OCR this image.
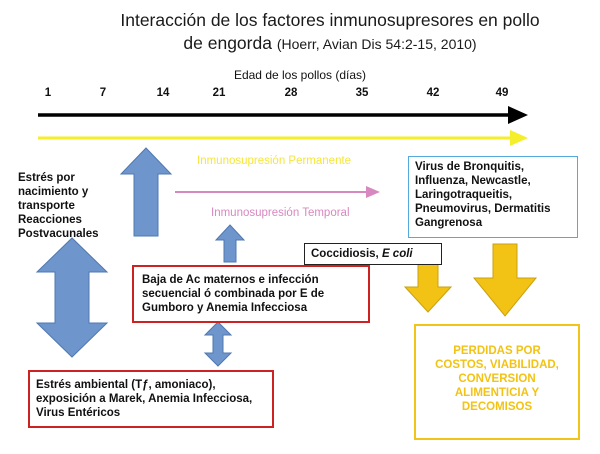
Interacción de los factores inmunosupresores en pollo
de engorda (Hoerr, Avian Dis 54:2-15, 2010)
Edad de los pollos (días)
1	7	14	21	28	35	42	49
Inmunosupresión Permanente
Inmunosupresión Temporal
Estrés por
nacimiento y
transporte
Reacciones
Postvacunales
Virus de Bronquitis,
Influenza, Newcastle,
Laringotraqueitis,
Pneumovirus, Dermatitis
Gangrenosa
Coccidiosis, E coli
Baja de Ac maternos e infección
secuencial ó combinada por E de
Gumboro y Anemia Infecciosa
Estrés ambiental (Tƒ, amoniaco),
exposición a Marek, Anemia Infecciosa,
Virus Entéricos
PERDIDAS POR
COSTOS, VIABILIDAD,
CONVERSION
ALIMENTICIA Y
DECOMISOS
